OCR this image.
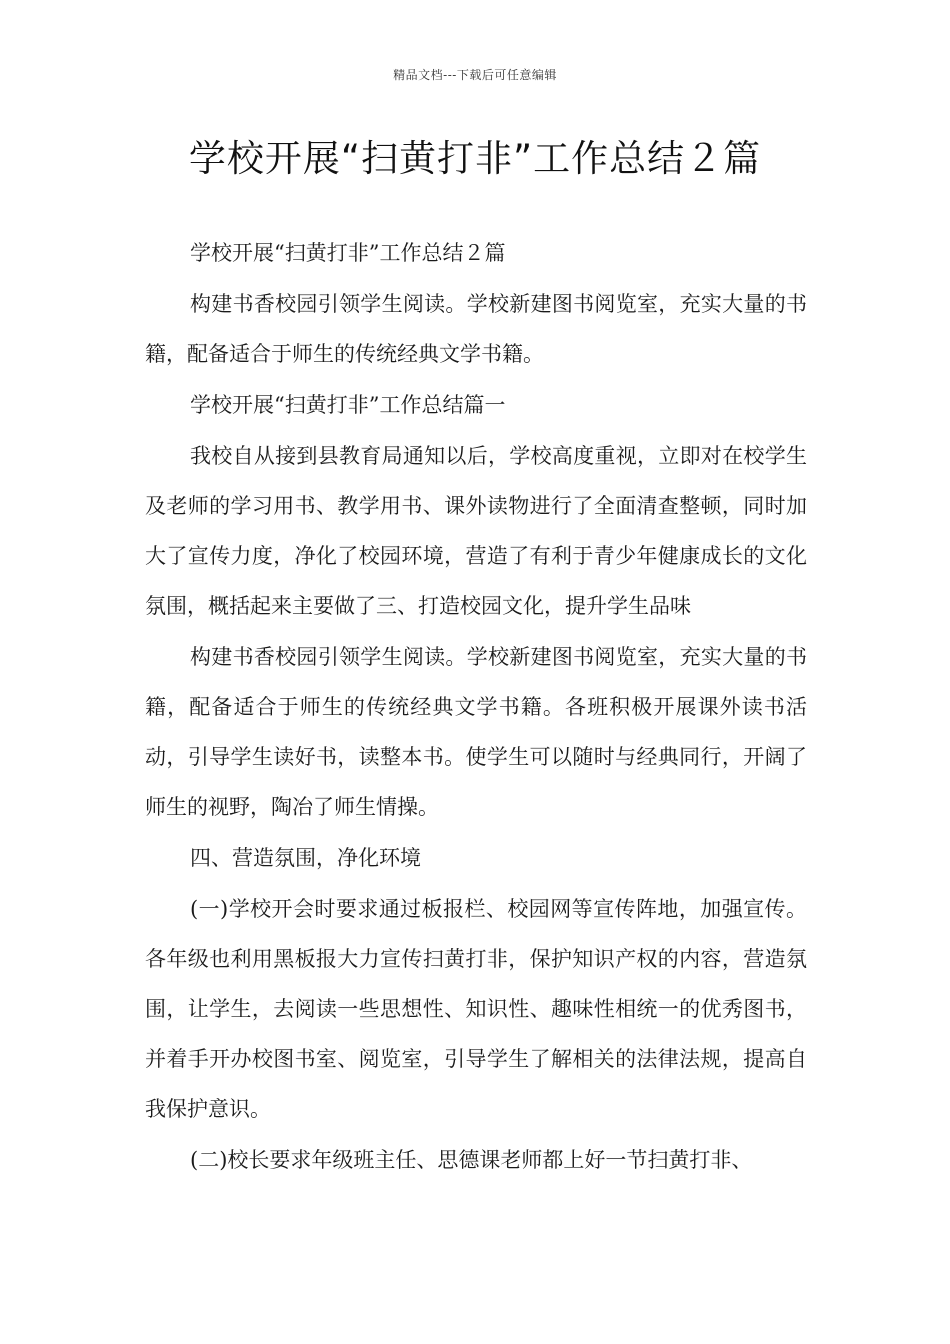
精品文档---下载后可任意编辑
学校开展“扫黄打非”工作总结２篇

学校开展“扫黄打非”工作总结２篇

构建书香校园引领学生阅读。学校新建图书阅览室，充实大量的书籍，配备适合于师生的传统经典文学书籍。

学校开展“扫黄打非”工作总结篇一

我校自从接到县教育局通知以后，学校高度重视，立即对在校学生及老师的学习用书、教学用书、课外读物进行了全面清查整顿，同时加大了宣传力度，净化了校园环境，营造了有利于青少年健康成长的文化氛围，概括起来主要做了三、打造校园文化，提升学生品味

构建书香校园引领学生阅读。学校新建图书阅览室，充实大量的书籍，配备适合于师生的传统经典文学书籍。各班积极开展课外读书活动，引导学生读好书，读整本书。使学生可以随时与经典同行，开阔了师生的视野，陶冶了师生情操。

四、营造氛围，净化环境

(一)学校开会时要求通过板报栏、校园网等宣传阵地，加强宣传。各年级也利用黑板报大力宣传扫黄打非，保护知识产权的内容，营造氛围，让学生，去阅读一些思想性、知识性、趣味性相统一的优秀图书，并着手开办校图书室、阅览室，引导学生了解相关的法律法规，提高自我保护意识。

(二)校长要求年级班主任、思德课老师都上好一节扫黄打非、
